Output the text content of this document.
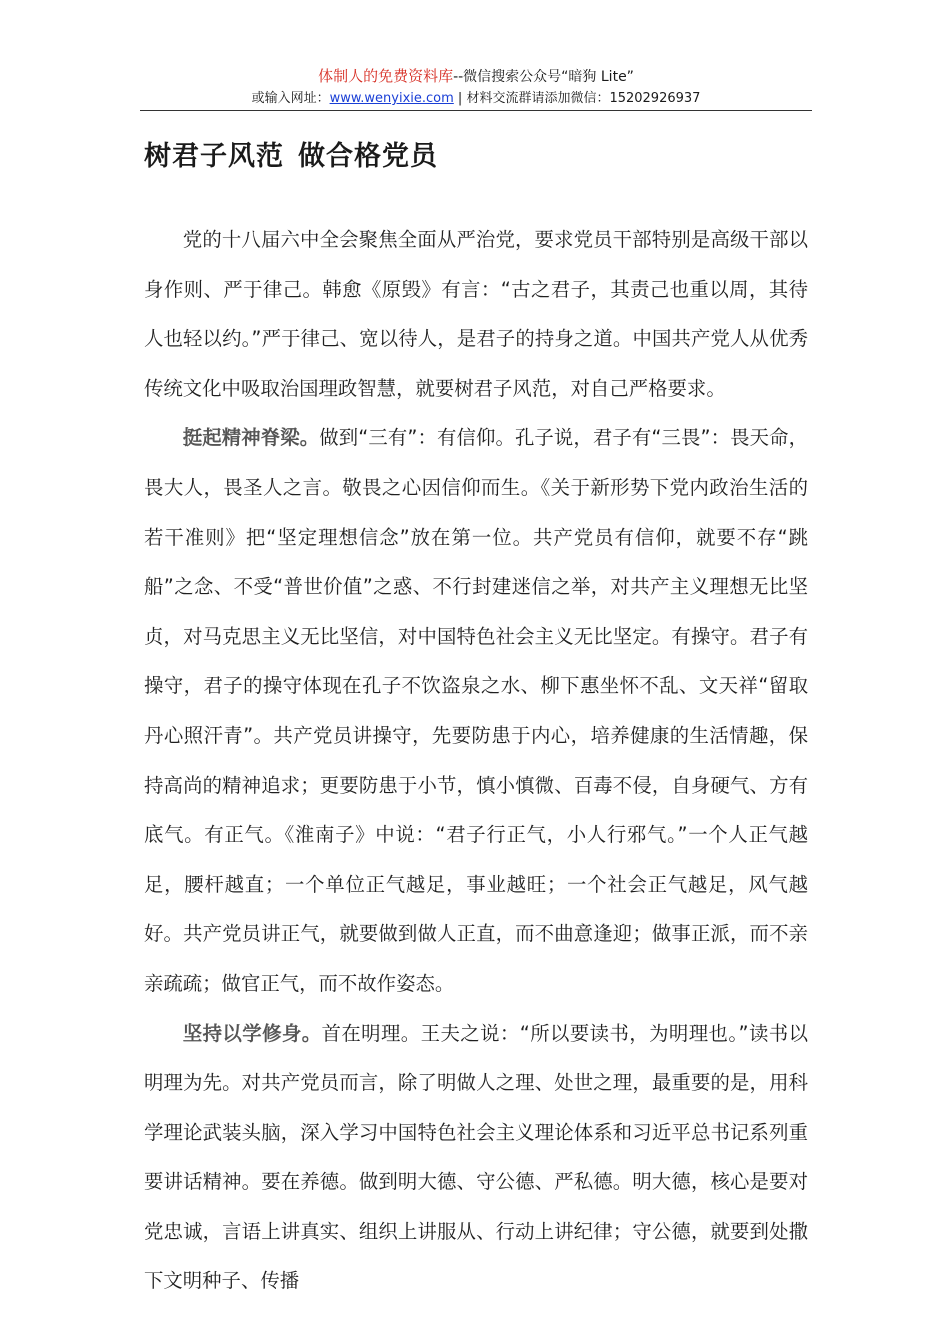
体制人的免费资料库--微信搜索公众号“暗狗 Lite”
或输入网址：www.wenyixie.com | 材料交流群请添加微信：15202926937
树君子风范 做合格党员

党的十八届六中全会聚焦全面从严治党，要求党员干部特别是高级干部以身作则、严于律己。韩愈《原毁》有言：“古之君子，其责己也重以周，其待人也轻以约。”严于律己、宽以待人，是君子的持身之道。中国共产党人从优秀传统文化中吸取治国理政智慧，就要树君子风范，对自己严格要求。

挺起精神脊梁。做到“三有”：有信仰。孔子说，君子有“三畏”：畏天命，畏大人，畏圣人之言。敬畏之心因信仰而生。《关于新形势下党内政治生活的若干准则》把“坚定理想信念”放在第一位。共产党员有信仰，就要不存“跳船”之念、不受“普世价值”之惑、不行封建迷信之举，对共产主义理想无比坚贞，对马克思主义无比坚信，对中国特色社会主义无比坚定。有操守。君子有操守，君子的操守体现在孔子不饮盗泉之水、柳下惠坐怀不乱、文天祥“留取丹心照汗青”。共产党员讲操守，先要防患于内心，培养健康的生活情趣，保持高尚的精神追求；更要防患于小节，慎小慎微、百毒不侵，自身硬气、方有底气。有正气。《淮南子》中说：“君子行正气，小人行邪气。”一个人正气越足，腰杆越直；一个单位正气越足，事业越旺；一个社会正气越足，风气越好。共产党员讲正气，就要做到做人正直，而不曲意逢迎；做事正派，而不亲亲疏疏；做官正气，而不故作姿态。

坚持以学修身。首在明理。王夫之说：“所以要读书，为明理也。”读书以明理为先。对共产党员而言，除了明做人之理、处世之理，最重要的是，用科学理论武装头脑，深入学习中国特色社会主义理论体系和习近平总书记系列重要讲话精神。要在养德。做到明大德、守公德、严私德。明大德，核心是要对党忠诚，言语上讲真实、组织上讲服从、行动上讲纪律；守公德，就要到处撒下文明种子、传播
